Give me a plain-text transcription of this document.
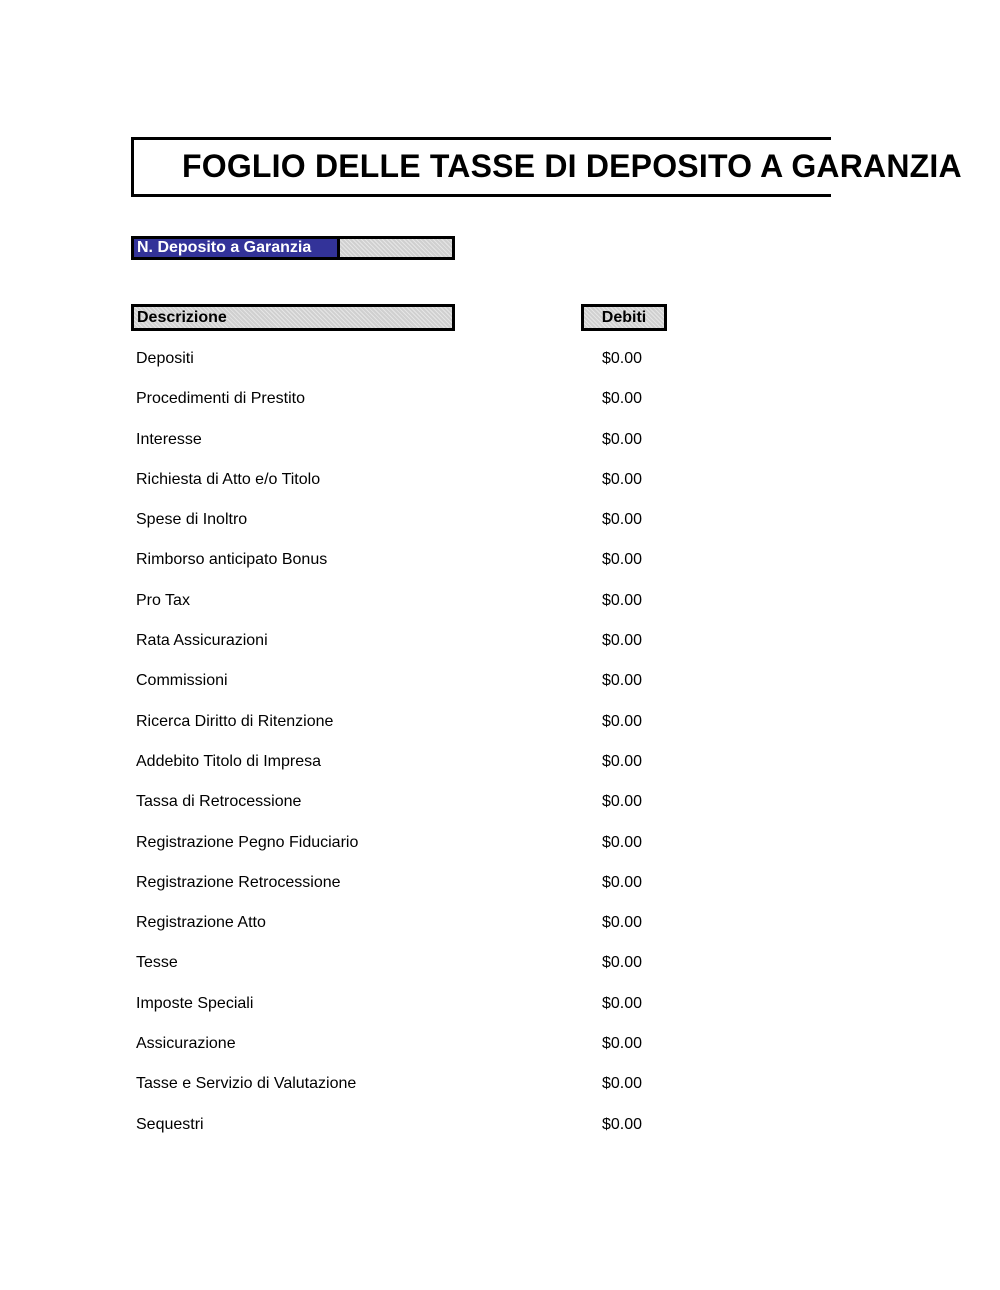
FOGLIO DELLE TASSE DI DEPOSITO A GARANZIA
N. Deposito a Garanzia
Descrizione	Debiti
Depositi	$0.00
Procedimenti di Prestito	$0.00
Interesse	$0.00
Richiesta di Atto e/o Titolo	$0.00
Spese di Inoltro	$0.00
Rimborso anticipato Bonus	$0.00
Pro Tax	$0.00
Rata Assicurazioni	$0.00
Commissioni	$0.00
Ricerca Diritto di Ritenzione	$0.00
Addebito Titolo di Impresa	$0.00
Tassa di Retrocessione	$0.00
Registrazione Pegno Fiduciario	$0.00
Registrazione Retrocessione	$0.00
Registrazione Atto	$0.00
Tesse	$0.00
Imposte Speciali	$0.00
Assicurazione	$0.00
Tasse e Servizio di Valutazione	$0.00
Sequestri	$0.00
